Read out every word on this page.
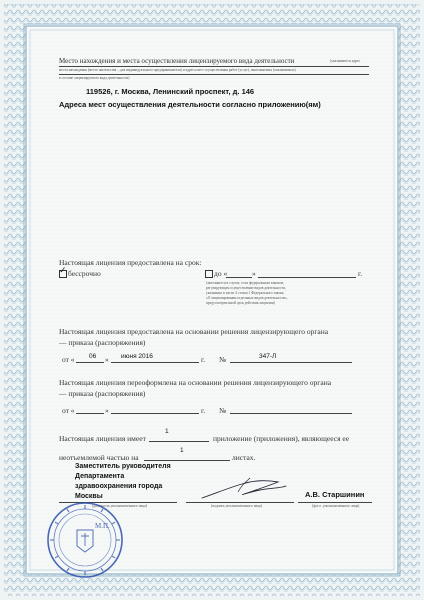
Место нахождения и места осуществления лицензируемого вида деятельности	(указываются адрес
места нахождения (место жительства – для индивидуального предпринимателя) и адреса мест осуществления работ (услуг), выполняемых (оказываемых)
в составе лицензируемого вида деятельности)
119526, г. Москва, Ленинский проспект, д. 146
Адреса мест осуществления деятельности согласно приложению(ям)
Настоящая лицензия предоставлена на срок:
✓ бессрочно	до «	»	г.
(заполняется в случае, если федеральным законом,
регулирующим осуществление видов деятельности,
указанных в части 4 статьи 1 Федерального закона
«О лицензировании отдельных видов деятельности»,
предусмотрен иной срок действия лицензии)
Настоящая лицензия предоставлена на основании решения лицензирующего органа
— приказа (распоряжения)
от « 06 » июня 2016	г. №	347-Л
Настоящая лицензия переоформлена на основании решения лицензирующего органа
— приказа (распоряжения)
от «	»	г. №
Настоящая лицензия имеет
1
приложение (приложения), являющееся ее
неотъемлемой частью на
1
листах.
Заместитель руководителя
Департамента
здравоохранения города
Москвы
(должность уполномоченного лица)	(подпись уполномоченного лица)
А.В. Старшинин
(ф.и.о. уполномоченного лица)
М.П.
